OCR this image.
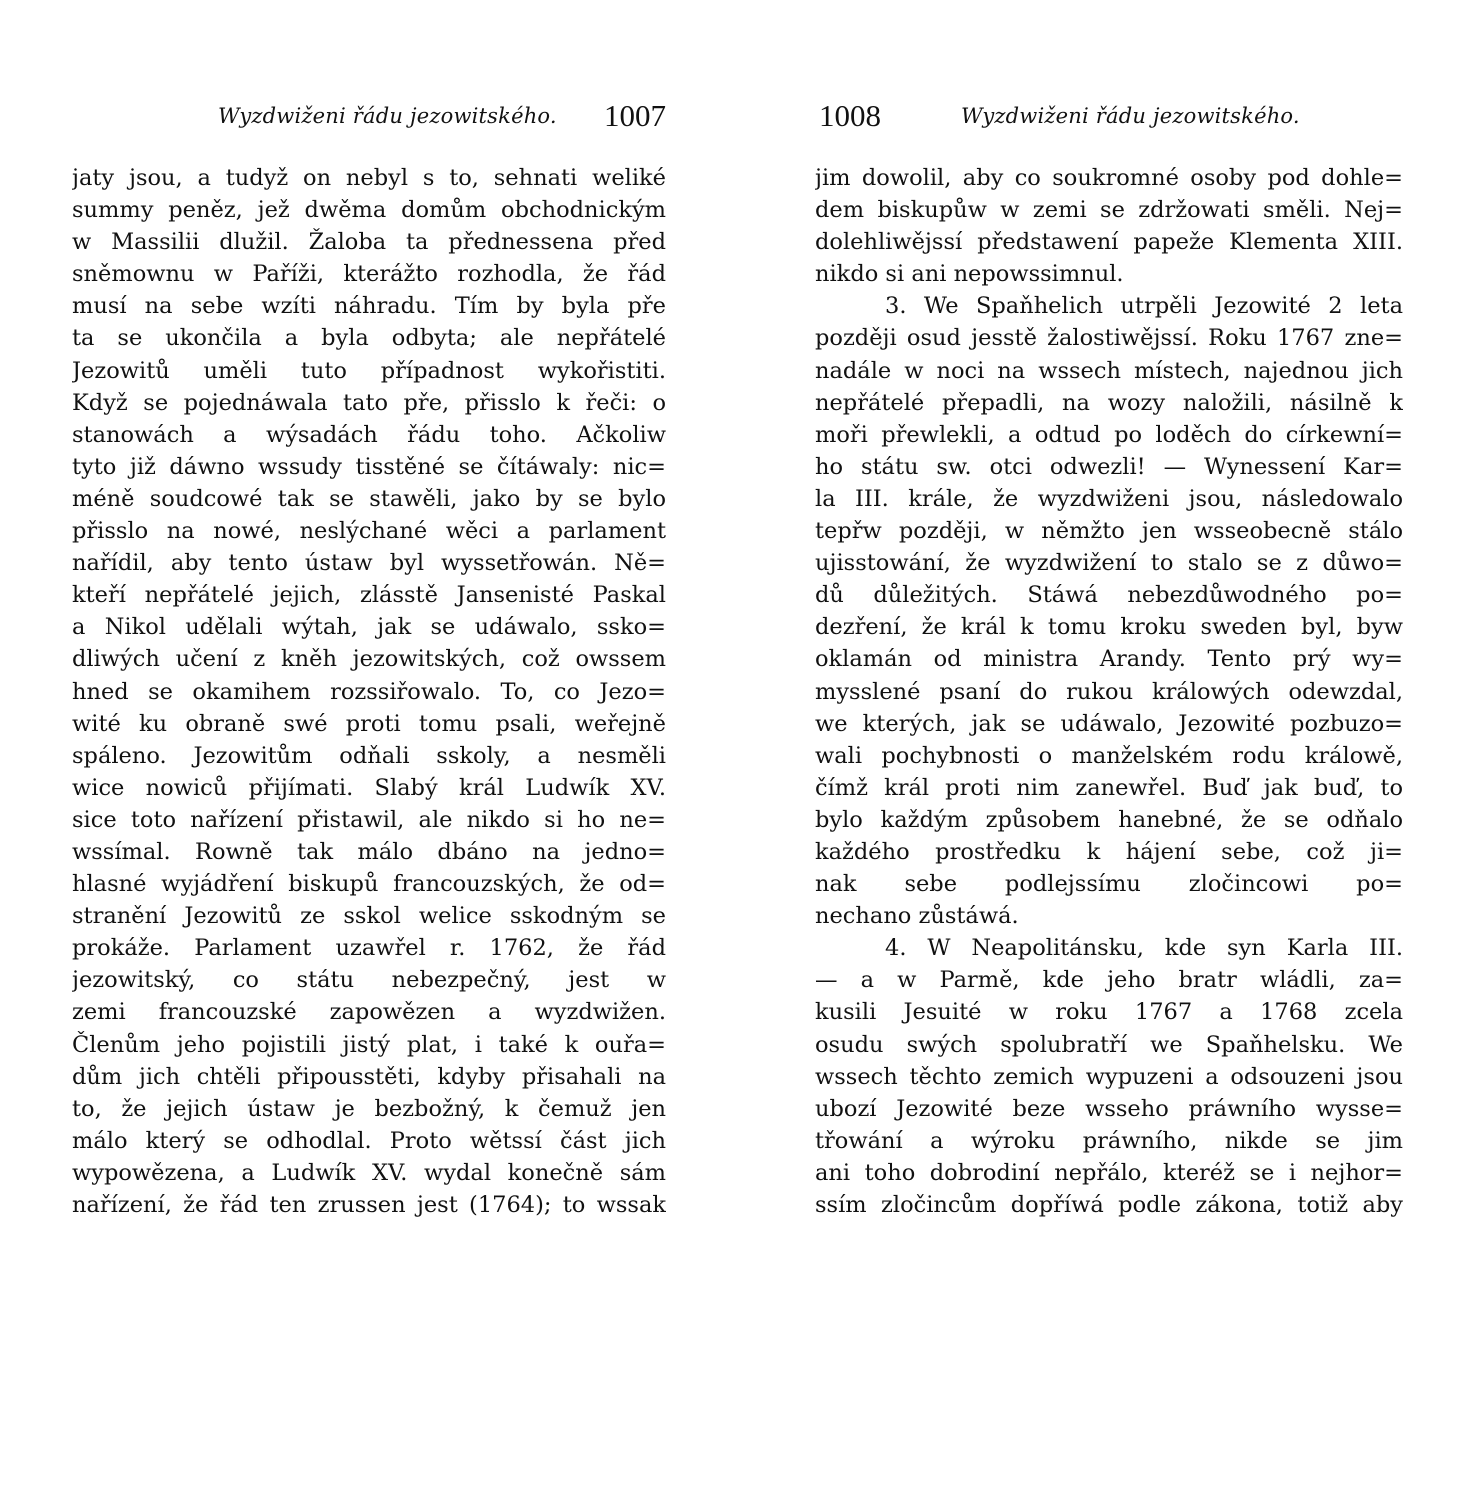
Wyzdwiženi řádu jezowitského. 1007
jaty jsou, a tudyž on nebyl s to, sehnati weliké
summy peněz, jež dwěma domům obchodnickým
w Massilii dlužil. Žaloba ta přednessena před
sněmownu w Paříži, kterážto rozhodla, že řád
musí na sebe wzíti náhradu. Tím by byla pře
ta se ukončila a byla odbyta; ale nepřátelé
Jezowitů uměli tuto případnost wykořistiti.
Když se pojednáwala tato pře, přisslo k řeči: o
stanowách a wýsadách řádu toho. Ačkoliw
tyto již dáwno wssudy tisstěné se čítáwaly: nic=
méně soudcowé tak se stawěli, jako by se bylo
přisslo na nowé, neslýchané wěci a parlament
nařídil, aby tento ústaw byl wyssetřowán. Ně=
kteří nepřátelé jejich, zlásstě Jansenisté Paskal
a Nikol udělali wýtah, jak se udáwalo, ssko=
dliwých učení z kněh jezowitských, což owssem
hned se okamihem rozssiřowalo. To, co Jezo=
wité ku obraně swé proti tomu psali, weřejně
spáleno. Jezowitům odňali sskoly, a nesměli
wice nowiců přijímati. Slabý král Ludwík XV.
sice toto nařízení přistawil, ale nikdo si ho ne=
wssímal. Rowně tak málo dbáno na jedno=
hlasné wyjádření biskupů francouzských, že od=
stranění Jezowitů ze sskol welice sskodným se
prokáže. Parlament uzawřel r. 1762, že řád
jezowitský, co státu nebezpečný, jest w
zemi francouzské zapowězen a wyzdwižen.
Členům jeho pojistili jistý plat, i také k ouřa=
dům jich chtěli připousstěti, kdyby přisahali na
to, že jejich ústaw je bezbožný, k čemuž jen
málo který se odhodlal. Proto wětssí část jich
wypowězena, a Ludwík XV. wydal konečně sám
nařízení, že řád ten zrussen jest (1764); to wssak
1008	Wyzdwiženi řádu jezowitského.
jim dowolil, aby co soukromné osoby pod dohle=
dem biskupůw w zemi se zdržowati směli. Nej=
dolehliwějssí předstawení papeže Klementa XIII.
nikdo si ani nepowssimnul.
3. We Spaňhelich utrpěli Jezowité 2 leta
později osud jesstě žalostiwějssí. Roku 1767 zne=
nadále w noci na wssech místech, najednou jich
nepřátelé přepadli, na wozy naložili, násilně k
moři přewlekli, a odtud po loděch do církewní=
ho státu sw. otci odwezli! — Wynessení Kar=
la III. krále, že wyzdwiženi jsou, následowalo
tepřw později, w němžto jen wsseobecně stálo
ujisstowání, že wyzdwižení to stalo se z důwo=
dů důležitých. Stáwá nebezdůwodného po=
dezření, že král k tomu kroku sweden byl, byw
oklamán od ministra Arandy. Tento prý wy=
mysslené psaní do rukou králowých odewzdal,
we kterých, jak se udáwalo, Jezowité pozbuzo=
wali pochybnosti o manželském rodu králowě,
čímž král proti nim zanewřel. Buď jak buď, to
bylo každým způsobem hanebné, že se odňalo
každého prostředku k hájení sebe, což ji=
nak sebe podlejssímu zločincowi po=
nechano zůstáwá.
4. W Neapolitánsku, kde syn Karla III.
— a w Parmě, kde jeho bratr wládli, za=
kusili Jesuité w roku 1767 a 1768 zcela
osudu swých spolubratří we Spaňhelsku. We
wssech těchto zemich wypuzeni a odsouzeni jsou
ubozí Jezowité beze wsseho práwního wysse=
třowání a wýroku práwního, nikde se jim
ani toho dobrodiní nepřálo, kteréž se i nejhor=
ssím zločincům dopříwá podle zákona, totiž aby
